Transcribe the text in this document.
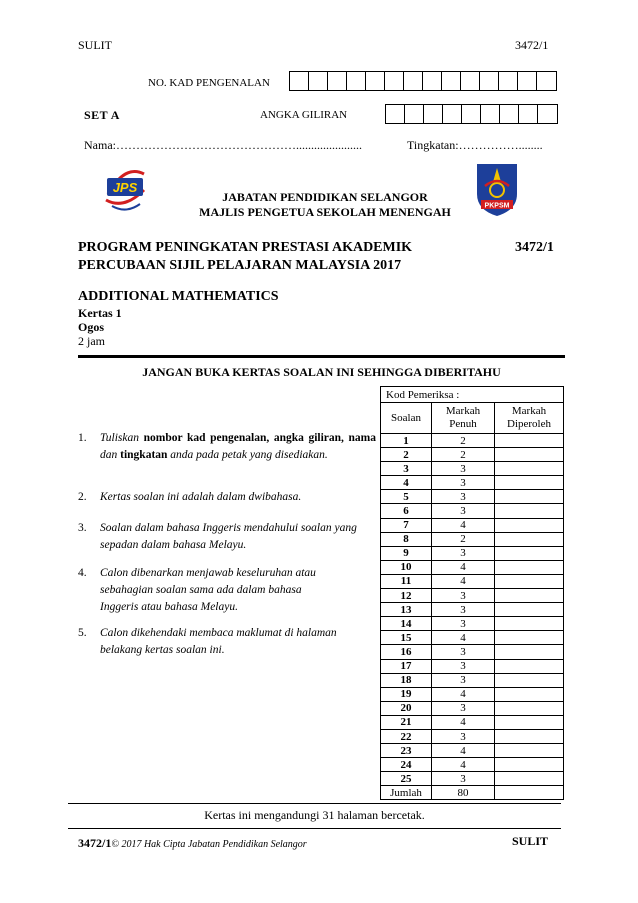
SULIT	3472/1
NO. KAD PENGENALAN
SET A	ANGKA GILIRAN
Nama:………………………………………......................	Tingkatan:……………........
JPS
JABATAN PENDIDIKAN SELANGOR
MAJLIS PENGETUA SEKOLAH MENENGAH	PKPSM
PROGRAM PENINGKATAN PRESTASI AKADEMIK	3472/1
PERCUBAAN SIJIL PELAJARAN MALAYSIA 2017
ADDITIONAL MATHEMATICS
Kertas 1
Ogos
2 jam
JANGAN BUKA KERTAS SOALAN INI SEHINGGA DIBERITAHU
1. Tuliskan nombor kad pengenalan, angka giliran, nama dan tingkatan anda pada petak yang disediakan.
2. Kertas soalan ini adalah dalam dwibahasa.
3. Soalan dalam bahasa Inggeris mendahului soalan yang sepadan dalam bahasa Melayu.
4. Calon dibenarkan menjawab keseluruhan atau sebahagian soalan sama ada dalam bahasa Inggeris atau bahasa Melayu.
5. Calon dikehendaki membaca maklumat di halaman belakang kertas soalan ini.
Kod Pemeriksa :		
Soalan	Markah Penuh	Markah Diperoleh
1	2	
2	2	
3	3	
4	3	
5	3	
6	3	
7	4	
8	2	
9	3	
10	4	
11	4	
12	3	
13	3	
14	3	
15	4	
16	3	
17	3	
18	3	
19	4	
20	3	
21	4	
22	3	
23	4	
24	4	
25	3	
Jumlah	80	
Kertas ini mengandungi 31 halaman bercetak.
3472/1© 2017 Hak Cipta Jabatan Pendidikan Selangor	SULIT
